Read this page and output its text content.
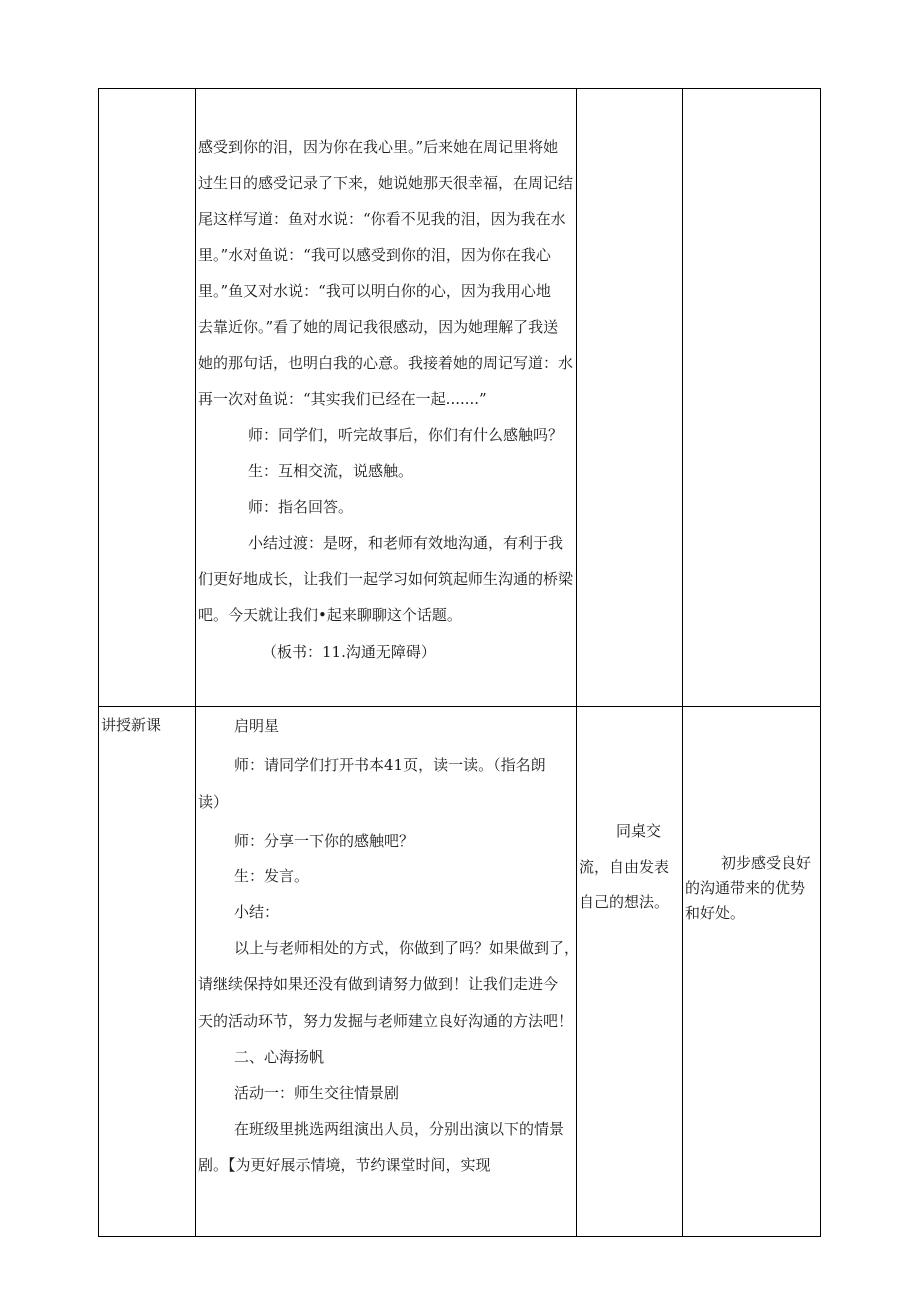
感受到你的泪，因为你在我心里。”后来她在周记里将她
过生日的感受记录了下来，她说她那天很幸福，在周记结
尾这样写道：鱼对水说：“你看不见我的泪，因为我在水
里。”水对鱼说：“我可以感受到你的泪，因为你在我心
里。”鱼又对水说：“我可以明白你的心，因为我用心地
去靠近你。”看了她的周记我很感动，因为她理解了我送
她的那句话，也明白我的心意。我接着她的周记写道：水
再一次对鱼说：“其实我们已经在一起.......”
师：同学们，听完故事后，你们有什么感触吗？
生：互相交流，说感触。
师：指名回答。
小结过渡：是呀，和老师有效地沟通，有利于我
们更好地成长，让我们一起学习如何筑起师生沟通的桥梁
吧。今天就让我们•起来聊聊这个话题。
（板书：11.沟通无障碍）
讲授新课	启明星
师：请同学们打开书本41页，读一读。（指名朗
读）
师：分享一下你的感触吧？
生：发言。
小结：
以上与老师相处的方式，你做到了吗？如果做到了，
请继续保持如果还没有做到请努力做到！让我们走进今
天的活动环节，努力发掘与老师建立良好沟通的方法吧！
二、心海扬帆
活动一：师生交往情景剧
在班级里挑选两组演出人员，分别出演以下的情景
剧。【为更好展示情境，节约课堂时间，实现
同桌交
流，自由发表
自己的想法。
初步感受良好
的沟通带来的优势
和好处。
